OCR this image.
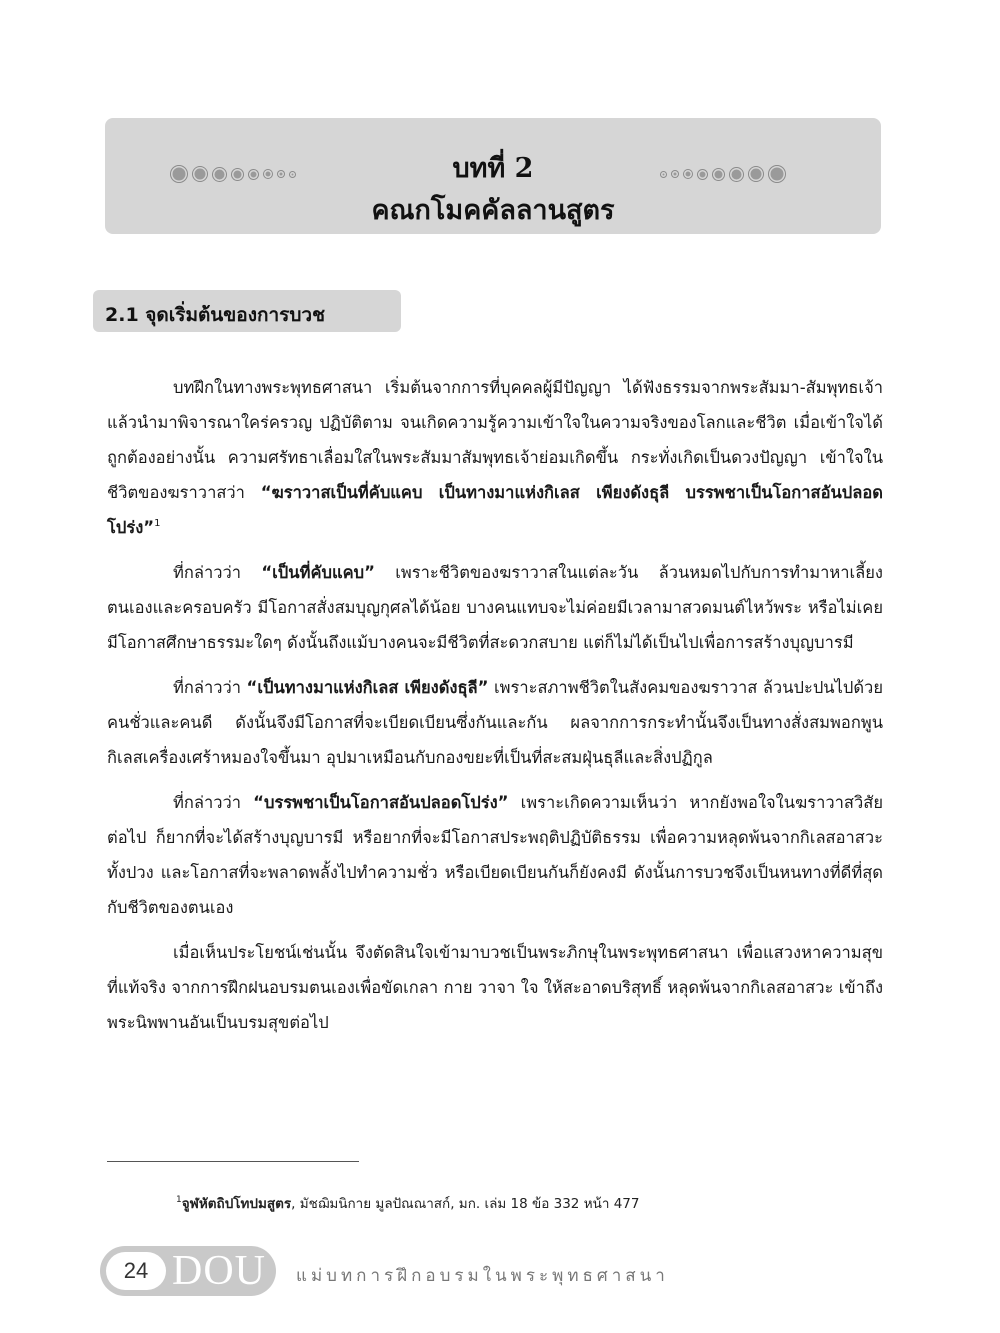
บทที่ 2
คณกโมคคัลลานสูตร
2.1 จุดเริ่มต้นของการบวช

บทฝึกในทางพระพุทธศาสนา เริ่มต้นจากการที่บุคคลผู้มีปัญญา ได้ฟังธรรมจากพระสัมมา-สัมพุทธเจ้า แล้วนำมาพิจารณาใคร่ครวญ ปฏิบัติตาม จนเกิดความรู้ความเข้าใจในความจริงของโลกและชีวิต เมื่อเข้าใจได้ถูกต้องอย่างนั้น ความศรัทธาเลื่อมใสในพระสัมมาสัมพุทธเจ้าย่อมเกิดขึ้น กระทั่งเกิดเป็นดวงปัญญา เข้าใจในชีวิตของฆราวาสว่า “ฆราวาสเป็นที่คับแคบ เป็นทางมาแห่งกิเลส เพียงดังธุลี บรรพชาเป็นโอกาสอันปลอดโปร่ง”$^1$

ที่กล่าวว่า “เป็นที่คับแคบ” เพราะชีวิตของฆราวาสในแต่ละวัน ล้วนหมดไปกับการทำมาหาเลี้ยงตนเองและครอบครัว มีโอกาสสั่งสมบุญกุศลได้น้อย บางคนแทบจะไม่ค่อยมีเวลามาสวดมนต์ไหว้พระ หรือไม่เคยมีโอกาสศึกษาธรรมะใดๆ ดังนั้นถึงแม้บางคนจะมีชีวิตที่สะดวกสบาย แต่ก็ไม่ได้เป็นไปเพื่อการสร้างบุญบารมี

ที่กล่าวว่า “เป็นทางมาแห่งกิเลส เพียงดังธุลี” เพราะสภาพชีวิตในสังคมของฆราวาส ล้วนปะปนไปด้วยคนชั่วและคนดี ดังนั้นจึงมีโอกาสที่จะเบียดเบียนซึ่งกันและกัน ผลจากการกระทำนั้นจึงเป็นทางสั่งสมพอกพูนกิเลสเครื่องเศร้าหมองใจขึ้นมา อุปมาเหมือนกับกองขยะที่เป็นที่สะสมฝุ่นธุลีและสิ่งปฏิกูล

ที่กล่าวว่า “บรรพชาเป็นโอกาสอันปลอดโปร่ง” เพราะเกิดความเห็นว่า หากยังพอใจในฆราวาสวิสัยต่อไป ก็ยากที่จะได้สร้างบุญบารมี หรือยากที่จะมีโอกาสประพฤติปฏิบัติธรรม เพื่อความหลุดพ้นจากกิเลสอาสวะทั้งปวง และโอกาสที่จะพลาดพลั้งไปทำความชั่ว หรือเบียดเบียนกันก็ยังคงมี ดังนั้นการบวชจึงเป็นหนทางที่ดีที่สุดกับชีวิตของตนเอง

เมื่อเห็นประโยชน์เช่นนั้น จึงตัดสินใจเข้ามาบวชเป็นพระภิกษุในพระพุทธศาสนา เพื่อแสวงหาความสุขที่แท้จริง จากการฝึกฝนอบรมตนเองเพื่อขัดเกลา กาย วาจา ใจ ให้สะอาดบริสุทธิ์ หลุดพ้นจากกิเลสอาสวะ เข้าถึงพระนิพพานอันเป็นบรมสุขต่อไป

$^1$จูฬหัตถิปโทปมสูตร, มัชฌิมนิกาย มูลปัณณาสก์, มก. เล่ม 18 ข้อ 332 หน้า 477
24 DOU แม่บทการฝึกอบรมในพระพุทธศาสนา
